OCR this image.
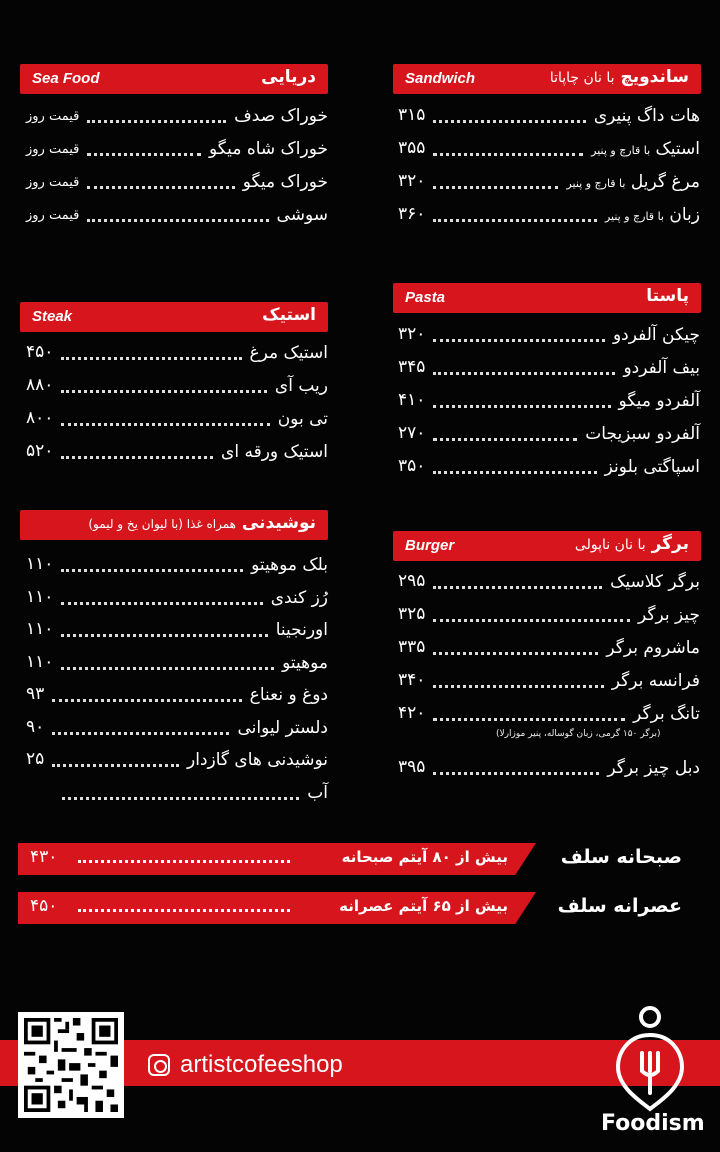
ساندویچ با نان چاپاتا
Sandwich
دریایی
Sea Food
پاستا
Pasta
استیک
Steak
برگر با نان ناپولی
Burger
نوشیدنی همراه غذا (با لیوان یخ و لیمو)
هات داگ پنیری
۳۱۵
استیک با قارچ و پنیر
۳۵۵
مرغ گریل با قارچ و پنیر
۳۲۰
زبان با قارچ و پنیر
۳۶۰
خوراک صدف
قیمت روز
خوراک شاه میگو
قیمت روز
خوراک میگو
قیمت روز
سوشی
قیمت روز
چیکن آلفردو
۳۲۰
بیف آلفردو
۳۴۵
آلفردو میگو
۴۱۰
آلفردو سبزیجات
۲۷۰
اسپاگتی بلونز
۳۵۰
استیک مرغ
۴۵۰
ریب آی
۸۸۰
تی بون
۸۰۰
استیک ورقه ای
۵۲۰
برگر کلاسیک
۲۹۵
چیز برگر
۳۲۵
ماشروم برگر
۳۳۵
فرانسه برگر
۳۴۰
تانگ برگر
۴۲۰
دبل چیز برگر
۳۹۵
بلک موهیتو
۱۱۰
رُز کندی
۱۱۰
اورنجینا
۱۱۰
موهیتو
۱۱۰
دوغ و نعناع
۹۳
دلستر لیوانی
۹۰
نوشیدنی های گازدار
۲۵
آب
(برگر ۱۵۰ گرمی، زبان گوساله، پنیر موزارلا)
بیش از ۸۰ آیتم صبحانه
۴۳۰	صبحانه سلف
بیش از ۶۵ آیتم عصرانه
۴۵۰	عصرانه سلف
artistcofeeshop
Foodism
